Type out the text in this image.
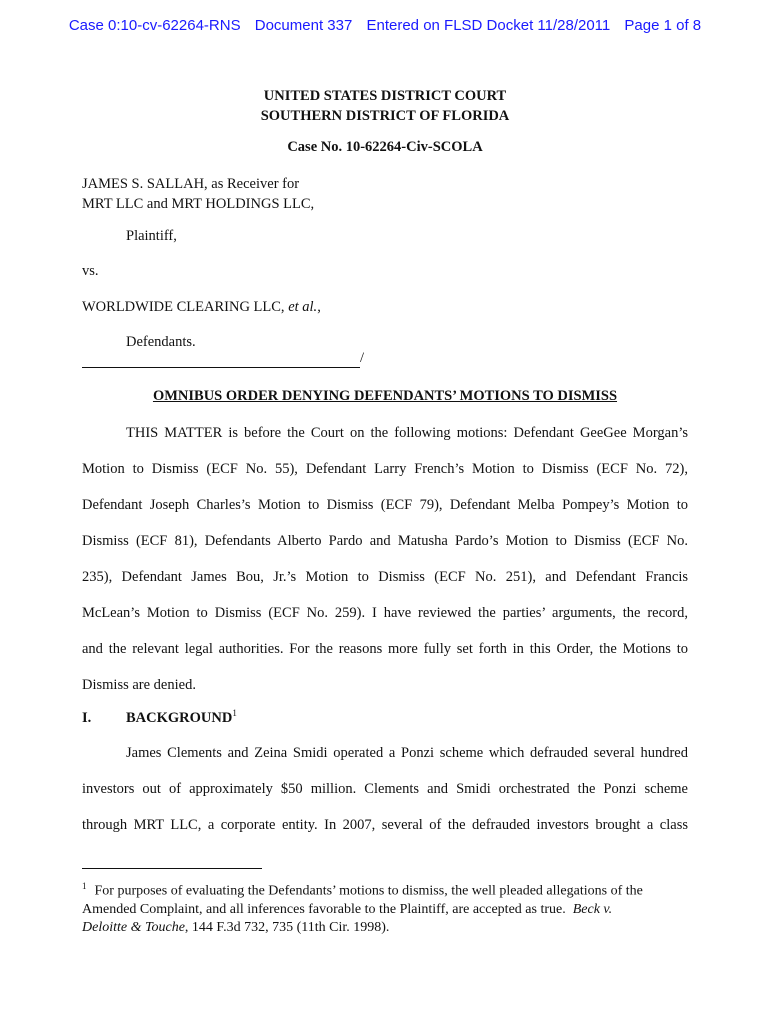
Case 0:10-cv-62264-RNS Document 337 Entered on FLSD Docket 11/28/2011 Page 1 of 8
UNITED STATES DISTRICT COURT
SOUTHERN DISTRICT OF FLORIDA
Case No. 10-62264-Civ-SCOLA
JAMES S. SALLAH, as Receiver for
MRT LLC and MRT HOLDINGS LLC,
Plaintiff,
vs.
WORLDWIDE CLEARING LLC, et al.,
Defendants.
/
OMNIBUS ORDER DENYING DEFENDANTS’ MOTIONS TO DISMISS
THIS MATTER is before the Court on the following motions: Defendant GeeGee Morgan’s
Motion to Dismiss (ECF No. 55), Defendant Larry French’s Motion to Dismiss (ECF No. 72),
Defendant Joseph Charles’s Motion to Dismiss (ECF 79), Defendant Melba Pompey’s Motion to
Dismiss (ECF 81), Defendants Alberto Pardo and Matusha Pardo’s Motion to Dismiss (ECF No.
235), Defendant James Bou, Jr.’s Motion to Dismiss (ECF No. 251), and Defendant Francis
McLean’s Motion to Dismiss (ECF No. 259). I have reviewed the parties’ arguments, the record,
and the relevant legal authorities. For the reasons more fully set forth in this Order, the Motions to
Dismiss are denied.
I. BACKGROUND$^1$
James Clements and Zeina Smidi operated a Ponzi scheme which defrauded several hundred
investors out of approximately $50 million. Clements and Smidi orchestrated the Ponzi scheme
through MRT LLC, a corporate entity. In 2007, several of the defrauded investors brought a class
$^1$ For purposes of evaluating the Defendants’ motions to dismiss, the well pleaded allegations of the
Amended Complaint, and all inferences favorable to the Plaintiff, are accepted as true. Beck v.
Deloitte & Touche, 144 F.3d 732, 735 (11th Cir. 1998).
